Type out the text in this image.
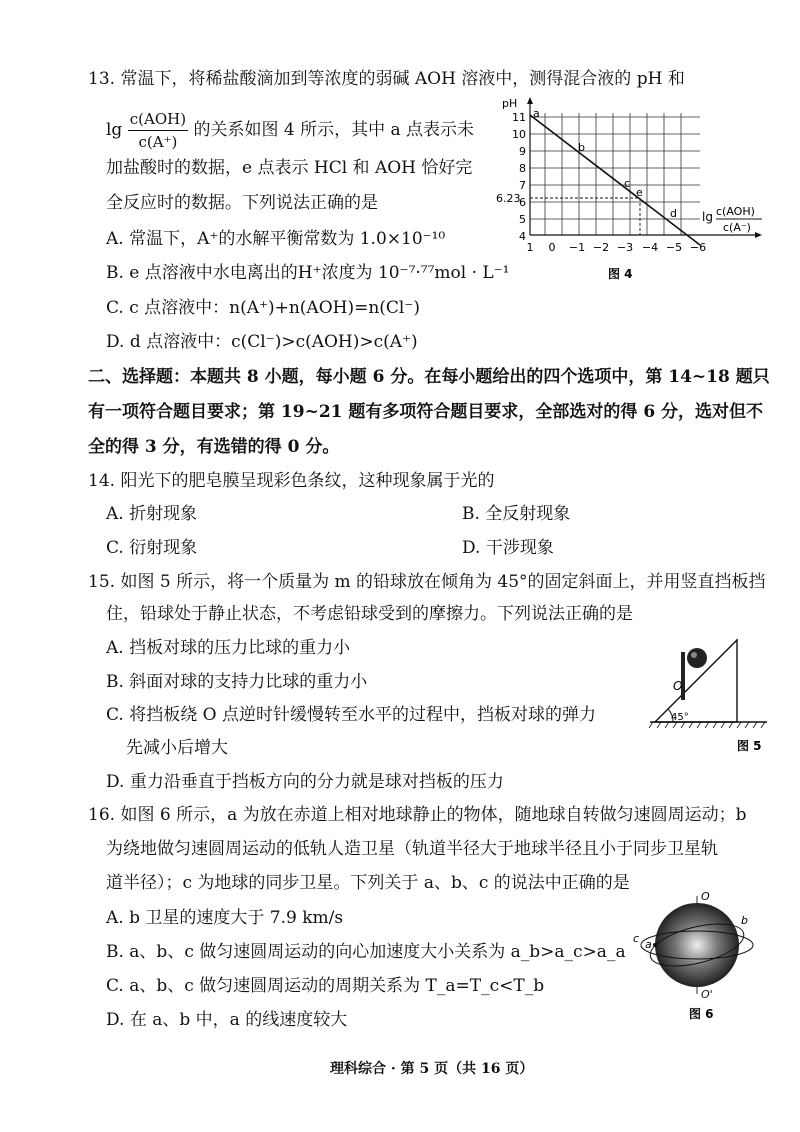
13. 常温下，将稀盐酸滴加到等浓度的弱碱 AOH 溶液中，测得混合液的 pH 和
$\lg \frac{\text{c(AOH)}}{c(A^+)}$ 的关系如图 4 所示，其中 a 点表示未
加盐酸时的数据，e 点表示 HCl 和 AOH 恰好完
全反应时的数据。下列说法正确的是
A. 常温下，A⁺的水解平衡常数为 1.0×10⁻¹⁰
B. e 点溶液中水电离出的H⁺浓度为 10⁻⁷·⁷⁷mol · L⁻¹
C. c 点溶液中：n(A⁺)+n(AOH)=n(Cl⁻)
D. d 点溶液中：c(Cl⁻)>c(AOH)>c(A⁺)
pH
11
10
9
8
7
6
5
4
6.23
1 0 −1 −2 −3 −4 −5 −6
a
b
c
e
d lg c(AOH)
c(A⁻)
图 4
二、选择题：本题共 8 小题，每小题 6 分。在每小题给出的四个选项中，第 14~18 题只
有一项符合题目要求；第 19~21 题有多项符合题目要求，全部选对的得 6 分，选对但不
全的得 3 分，有选错的得 0 分。
14. 阳光下的肥皂膜呈现彩色条纹，这种现象属于光的
A. 折射现象	B. 全反射现象
C. 衍射现象	D. 干涉现象
15. 如图 5 所示，将一个质量为 m 的铅球放在倾角为 45°的固定斜面上，并用竖直挡板挡
住，铅球处于静止状态，不考虑铅球受到的摩擦力。下列说法正确的是
A. 挡板对球的压力比球的重力小
B. 斜面对球的支持力比球的重力小
C. 将挡板绕 O 点逆时针缓慢转至水平的过程中，挡板对球的弹力
先减小后增大
D. 重力沿垂直于挡板方向的分力就是球对挡板的压力
45°
O
图 5
16. 如图 6 所示，a 为放在赤道上相对地球静止的物体，随地球自转做匀速圆周运动；b
为绕地做匀速圆周运动的低轨人造卫星（轨道半径大于地球半径且小于同步卫星轨
道半径）；c 为地球的同步卫星。下列关于 a、b、c 的说法中正确的是
A. b 卫星的速度大于 7.9 km/s
B. a、b、c 做匀速圆周运动的向心加速度大小关系为 a_b>a_c>a_a
C. a、b、c 做匀速圆周运动的周期关系为 T_a=T_c<T_b
D. 在 a、b 中，a 的线速度较大
O
O'
a
b
c
图 6
理科综合 · 第 5 页（共 16 页）
